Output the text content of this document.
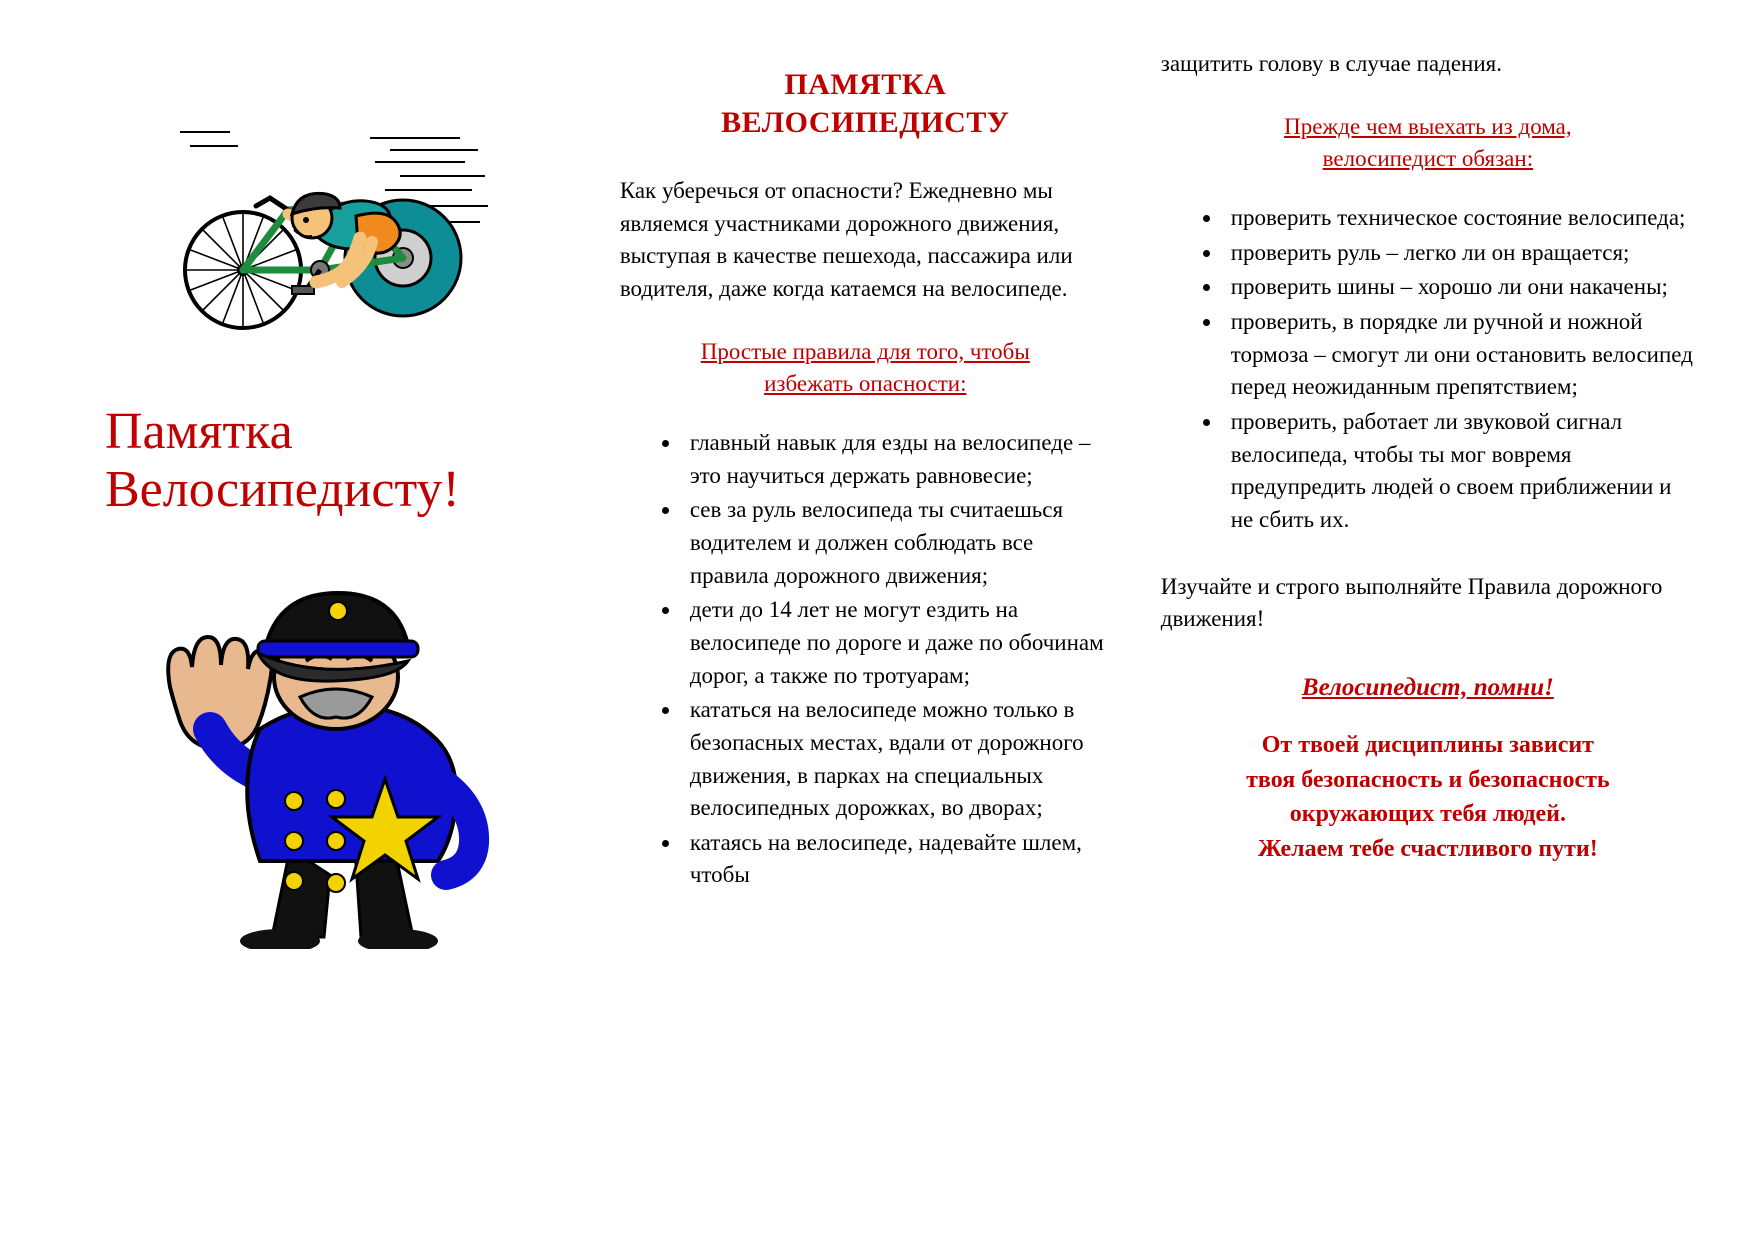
Памятка
Велосипедисту!
ПАМЯТКА
ВЕЛОСИПЕДИСТУ

Как уберечься от опасности? Ежедневно мы являемся участниками дорожного движения, выступая в качестве пешехода, пассажира или водителя, даже когда катаемся на велосипеде.

Простые правила для того, чтобы
избежать опасности:
• главный навык для езды на велосипеде – это научиться держать равновесие;
• сев за руль велосипеда ты считаешься водителем и должен соблюдать все правила дорожного движения;
• дети до 14 лет не могут ездить на велосипеде по дороге и даже по обочинам дорог, а также по тротуарам;
• кататься на велосипеде можно только в безопасных местах, вдали от дорожного движения, в парках на специальных велосипедных дорожках, во дворах;
• катаясь на велосипеде, надевайте шлем, чтобы

защитить голову в случае падения.

Прежде чем выехать из дома,
велосипедист обязан:
• проверить техническое состояние велосипеда;
• проверить руль – легко ли он вращается;
• проверить шины – хорошо ли они накачены;
• проверить, в порядке ли ручной и ножной тормоза – смогут ли они остановить велосипед перед неожиданным препятствием;
• проверить, работает ли звуковой сигнал велосипеда, чтобы ты мог вовремя предупредить людей о своем приближении и не сбить их.

Изучайте и строго выполняйте Правила дорожного движения!

Велосипедист, помни!
От твоей дисциплины зависит
твоя безопасность и безопасность
окружающих тебя людей.
Желаем тебе счастливого пути!
